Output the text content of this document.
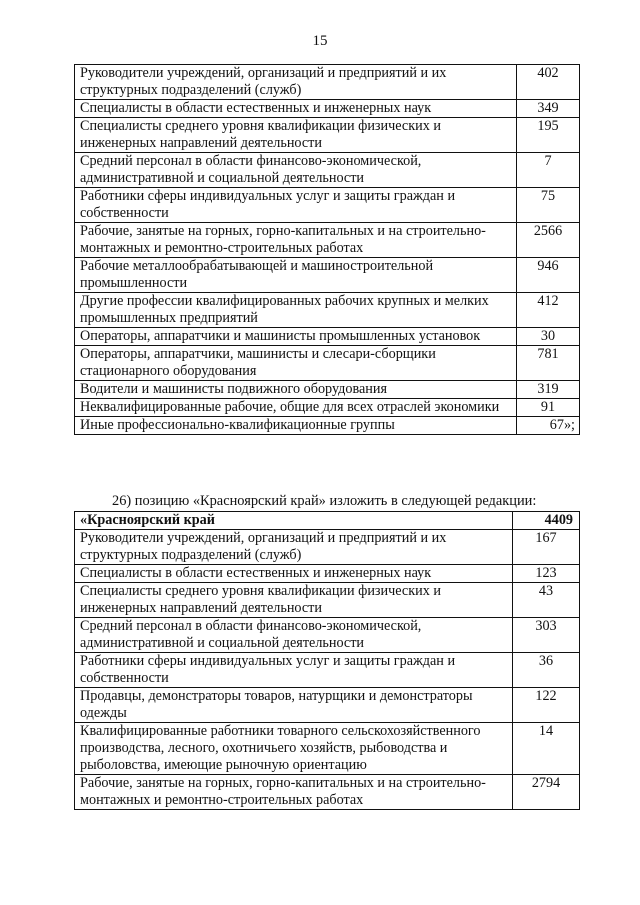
15
Руководители учреждений, организаций и предприятий и их структурных подразделений (служб)	402
Специалисты в области естественных и инженерных наук	349
Специалисты среднего уровня квалификации физических и инженерных направлений деятельности	195
Средний персонал в области финансово-экономической, административной и социальной деятельности	7
Работники сферы индивидуальных услуг и защиты граждан и собственности	75
Рабочие, занятые на горных, горно-капитальных и на строительно-монтажных и ремонтно-строительных работах	2566
Рабочие металлообрабатывающей и машиностроительной промышленности	946
Другие профессии квалифицированных рабочих крупных и мелких промышленных предприятий	412
Операторы, аппаратчики и машинисты промышленных установок	30
Операторы, аппаратчики, машинисты и слесари-сборщики стационарного оборудования	781
Водители и машинисты подвижного оборудования	319
Неквалифицированные рабочие, общие для всех отраслей экономики	91
Иные профессионально-квалификационные группы	67»;
26) позицию «Красноярский край» изложить в следующей редакции:
«Красноярский край	4409
Руководители учреждений, организаций и предприятий и их структурных подразделений (служб)	167
Специалисты в области естественных и инженерных наук	123
Специалисты среднего уровня квалификации физических и инженерных направлений деятельности	43
Средний персонал в области финансово-экономической, административной и социальной деятельности	303
Работники сферы индивидуальных услуг и защиты граждан и собственности	36
Продавцы, демонстраторы товаров, натурщики и демонстраторы одежды	122
Квалифицированные работники товарного сельскохозяйственного производства, лесного, охотничьего хозяйств, рыбоводства и рыболовства, имеющие рыночную ориентацию	14
Рабочие, занятые на горных, горно-капитальных и на строительно-монтажных и ремонтно-строительных работах	2794
